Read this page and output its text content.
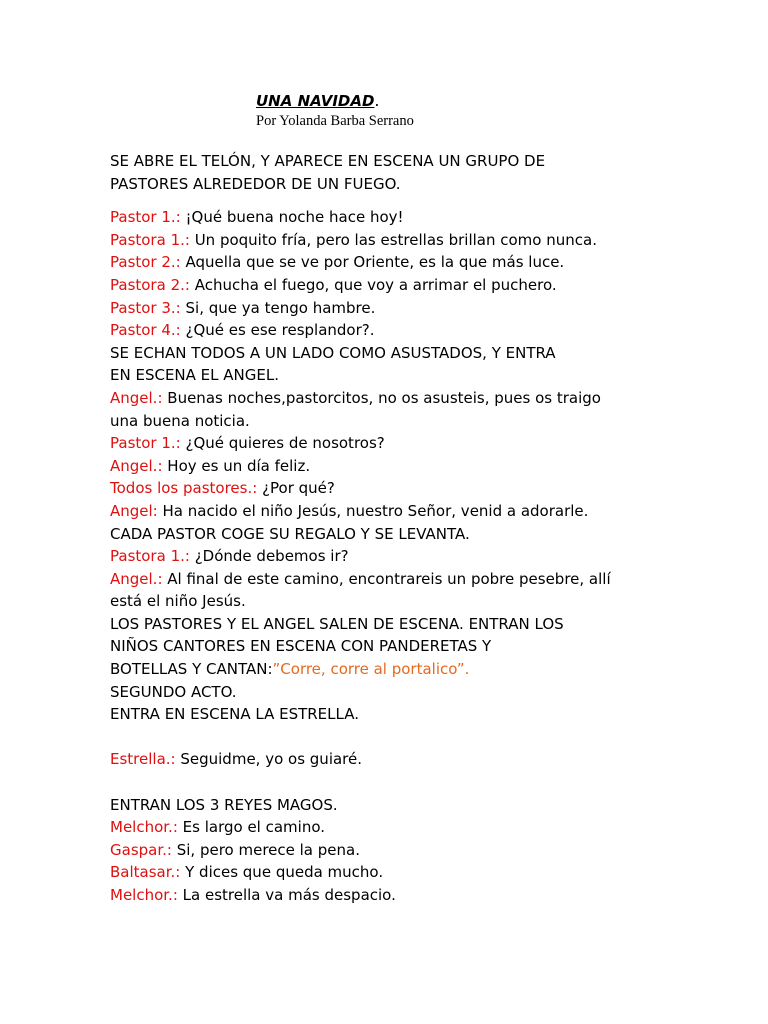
UNA NAVIDAD.
Por Yolanda Barba Serrano
SE ABRE EL TELÓN, Y APARECE EN ESCENA UN GRUPO DE
PASTORES ALREDEDOR DE UN FUEGO.
Pastor 1.: ¡Qué buena noche hace hoy!
Pastora 1.: Un poquito fría, pero las estrellas brillan como nunca.
Pastor 2.: Aquella que se ve por Oriente, es la que más luce.
Pastora 2.: Achucha el fuego, que voy a arrimar el puchero.
Pastor 3.: Si, que ya tengo hambre.
Pastor 4.: ¿Qué es ese resplandor?.
SE ECHAN TODOS A UN LADO COMO ASUSTADOS, Y ENTRA
EN ESCENA EL ANGEL.
Angel.: Buenas noches,pastorcitos, no os asusteis, pues os traigo
una buena noticia.
Pastor 1.: ¿Qué quieres de nosotros?
Angel.: Hoy es un día feliz.
Todos los pastores.: ¿Por qué?
Angel: Ha nacido el niño Jesús, nuestro Señor, venid a adorarle.
CADA PASTOR COGE SU REGALO Y SE LEVANTA.
Pastora 1.: ¿Dónde debemos ir?
Angel.: Al final de este camino, encontrareis un pobre pesebre, allí
está el niño Jesús.
LOS PASTORES Y EL ANGEL SALEN DE ESCENA. ENTRAN LOS
NIÑOS CANTORES EN ESCENA CON PANDERETAS Y
BOTELLAS Y CANTAN:”Corre, corre al portalico”.
SEGUNDO ACTO.
ENTRA EN ESCENA LA ESTRELLA.
Estrella.: Seguidme, yo os guiaré.
ENTRAN LOS 3 REYES MAGOS.
Melchor.: Es largo el camino.
Gaspar.: Si, pero merece la pena.
Baltasar.: Y dices que queda mucho.
Melchor.: La estrella va más despacio.
